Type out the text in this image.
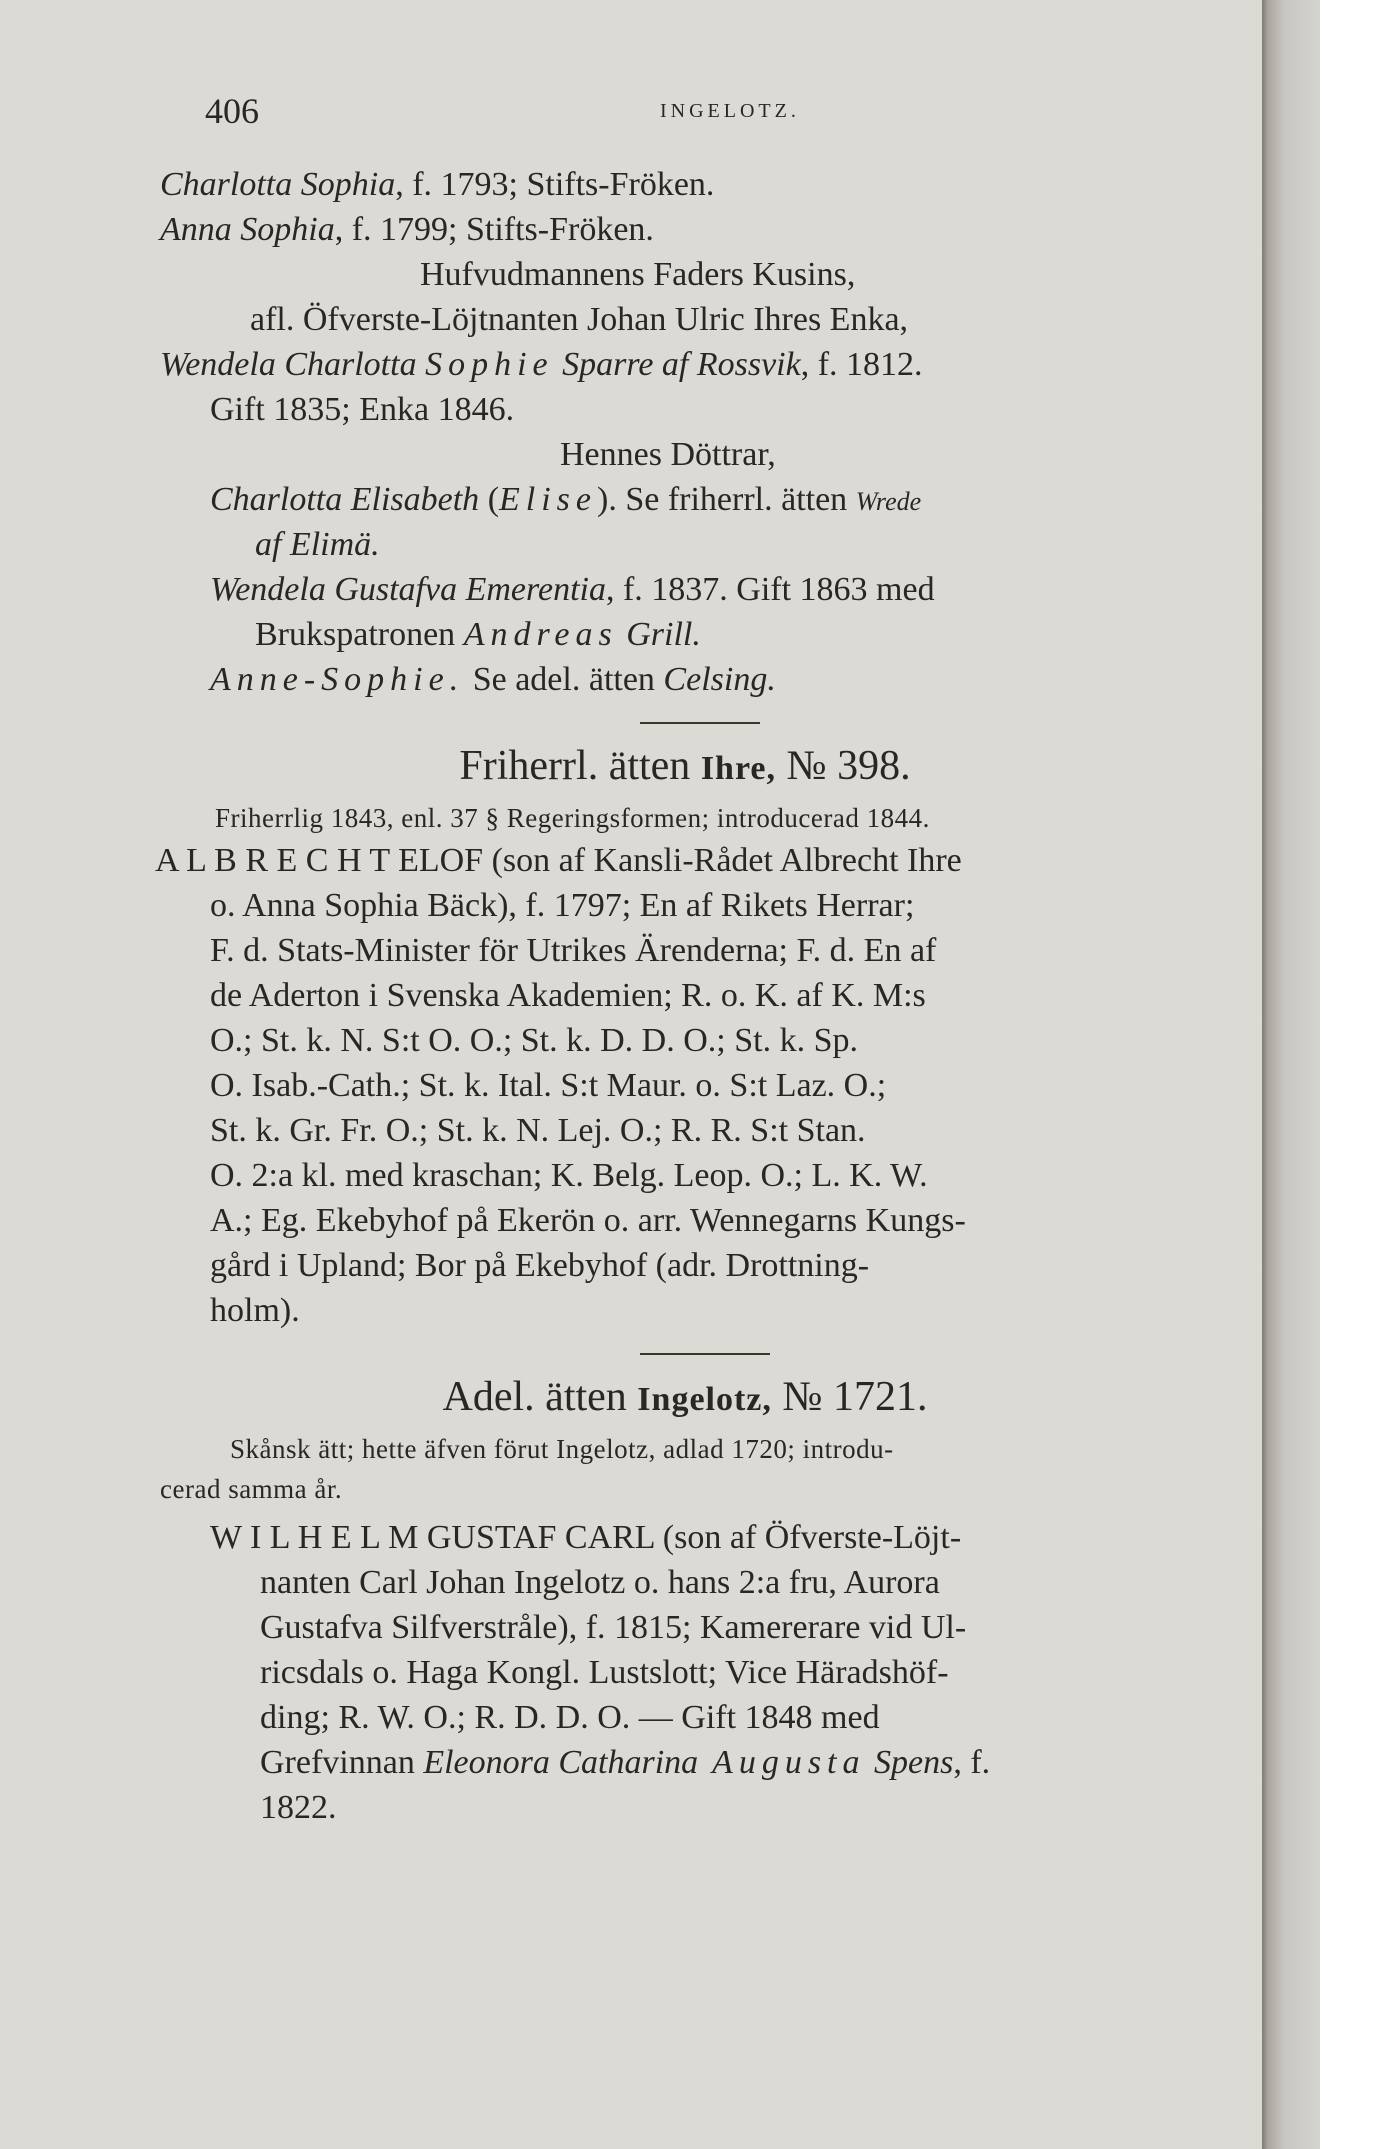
406	INGELOTZ.
Charlotta Sophia, f. 1793; Stifts-Fröken.
Anna Sophia, f. 1799; Stifts-Fröken.
Hufvudmannens Faders Kusins,
afl. Öfverste-Löjtnanten Johan Ulric Ihres Enka,
Wendela Charlotta Sophie Sparre af Rossvik, f. 1812.
Gift 1835; Enka 1846.
Hennes Döttrar,
Charlotta Elisabeth (Elise). Se friherrl. ätten Wrede
af Elimä.
Wendela Gustafva Emerentia, f. 1837. Gift 1863 med
Brukspatronen Andreas Grill.
Anne-Sophie. Se adel. ätten Celsing.
Friherrl. ätten Ihre, № 398.
Friherrlig 1843, enl. 37 § Regeringsformen; introducerad 1844.
A L B R E C H T ELOF (son af Kansli-Rådet Albrecht Ihre
o. Anna Sophia Bäck), f. 1797; En af Rikets Herrar;
F. d. Stats-Minister för Utrikes Ärenderna; F. d. En af
de Aderton i Svenska Akademien; R. o. K. af K. M:s
O.; St. k. N. S:t O. O.; St. k. D. D. O.; St. k. Sp.
O. Isab.-Cath.; St. k. Ital. S:t Maur. o. S:t Laz. O.;
St. k. Gr. Fr. O.; St. k. N. Lej. O.; R. R. S:t Stan.
O. 2:a kl. med kraschan; K. Belg. Leop. O.; L. K. W.
A.; Eg. Ekebyhof på Ekerön o. arr. Wennegarns Kungs-
gård i Upland; Bor på Ekebyhof (adr. Drottning-
holm).
Adel. ätten Ingelotz, № 1721.
Skånsk ätt; hette äfven förut Ingelotz, adlad 1720; introdu-
cerad samma år.
W I L H E L M GUSTAF CARL (son af Öfverste-Löjt-
nanten Carl Johan Ingelotz o. hans 2:a fru, Aurora
Gustafva Silfverstråle), f. 1815; Kamererare vid Ul-
ricsdals o. Haga Kongl. Lustslott; Vice Häradshöf-
ding; R. W. O.; R. D. D. O. — Gift 1848 med
Grefvinnan Eleonora Catharina Augusta Spens, f.
1822.
